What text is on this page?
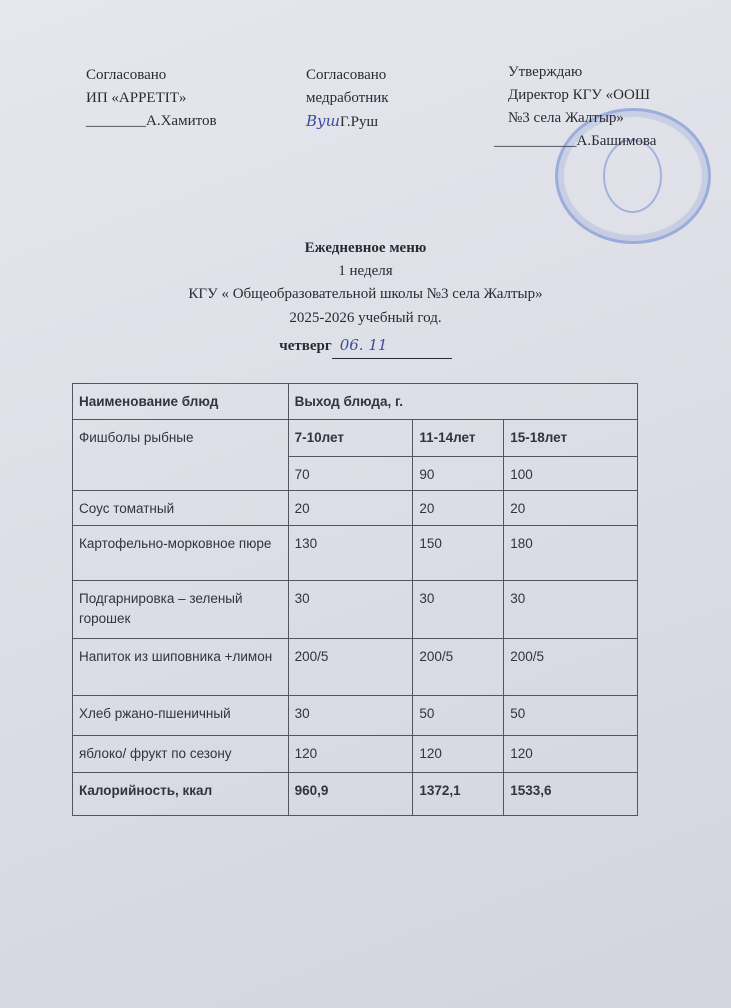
Согласовано
ИП «APPETIT»
________А.Хамитов
Согласовано
медработник
ВушГ.Руш
Утверждаю
Директор КГУ «ООШ
№3 села Жалтыр»
___________А.Башимова
Ежедневное меню
1 неделя
КГУ « Общеобразовательной школы №3 села Жалтыр»
2025-2026 учебный год.
четверг 06. 11
Наименование блюд	Выход блюда, г.		
Фишболы рыбные	7-10лет	11-14лет	15-18лет
	70	90	100
Соус томатный	20	20	20
Картофельно-морковное пюре	130	150	180
Подгарнировка – зеленый горошек	30	30	30
Напиток из шиповника +лимон	200/5	200/5	200/5
Хлеб ржано-пшеничный	30	50	50
яблоко/ фрукт по сезону	120	120	120
Калорийность, ккал	960,9	1372,1	1533,6
